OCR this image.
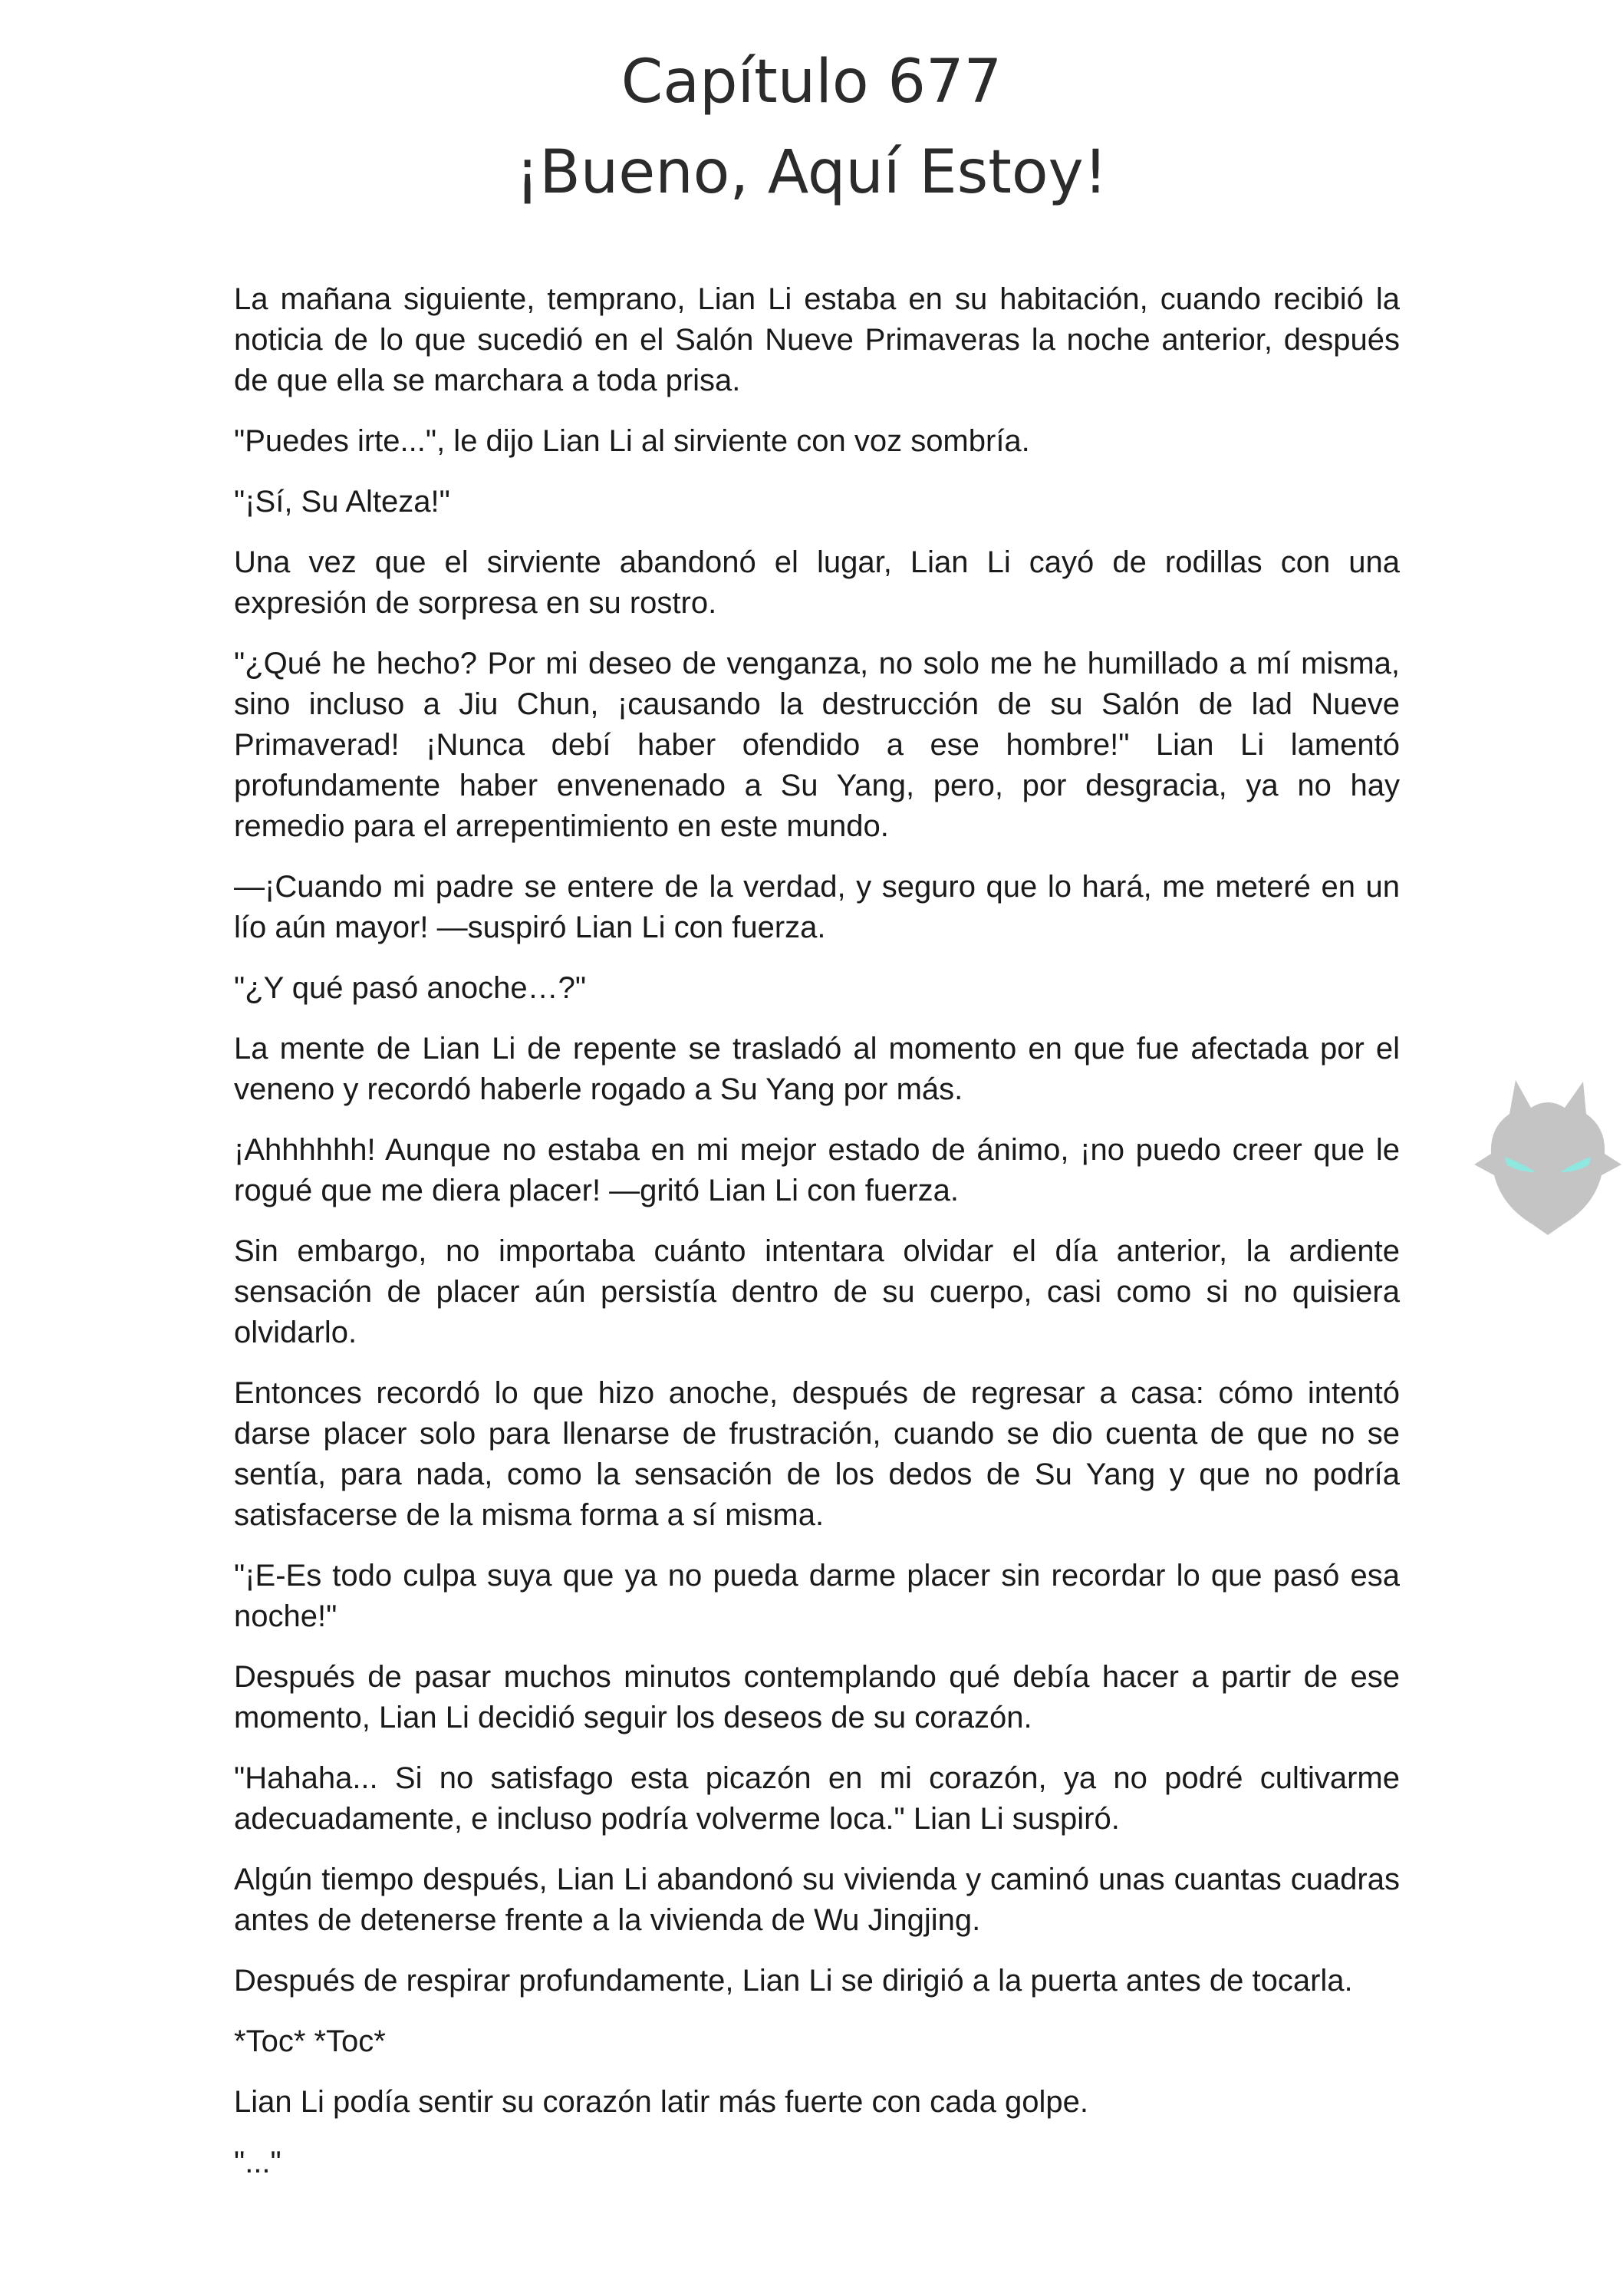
Capítulo 677
¡Bueno, Aquí Estoy!

La mañana siguiente, temprano, Lian Li estaba en su habitación, cuando recibió la noticia de lo que sucedió en el Salón Nueve Primaveras la noche anterior, después de que ella se marchara a toda prisa.

"Puedes irte...", le dijo Lian Li al sirviente con voz sombría.

"¡Sí, Su Alteza!"

Una vez que el sirviente abandonó el lugar, Lian Li cayó de rodillas con una expresión de sorpresa en su rostro.

"¿Qué he hecho? Por mi deseo de venganza, no solo me he humillado a mí misma, sino incluso a Jiu Chun, ¡causando la destrucción de su Salón de lad Nueve Primaverad! ¡Nunca debí haber ofendido a ese hombre!" Lian Li lamentó profundamente haber envenenado a Su Yang, pero, por desgracia, ya no hay remedio para el arrepentimiento en este mundo.

—¡Cuando mi padre se entere de la verdad, y seguro que lo hará, me meteré en un lío aún mayor! —suspiró Lian Li con fuerza.

"¿Y qué pasó anoche…?"

La mente de Lian Li de repente se trasladó al momento en que fue afectada por el veneno y recordó haberle rogado a Su Yang por más.

¡Ahhhhhh! Aunque no estaba en mi mejor estado de ánimo, ¡no puedo creer que le rogué que me diera placer! —gritó Lian Li con fuerza.

Sin embargo, no importaba cuánto intentara olvidar el día anterior, la ardiente sensación de placer aún persistía dentro de su cuerpo, casi como si no quisiera olvidarlo.

Entonces recordó lo que hizo anoche, después de regresar a casa: cómo intentó darse placer solo para llenarse de frustración, cuando se dio cuenta de que no se sentía, para nada, como la sensación de los dedos de Su Yang y que no podría satisfacerse de la misma forma a sí misma.

"¡E-Es todo culpa suya que ya no pueda darme placer sin recordar lo que pasó esa noche!"

Después de pasar muchos minutos contemplando qué debía hacer a partir de ese momento, Lian Li decidió seguir los deseos de su corazón.

"Hahaha... Si no satisfago esta picazón en mi corazón, ya no podré cultivarme adecuadamente, e incluso podría volverme loca." Lian Li suspiró.

Algún tiempo después, Lian Li abandonó su vivienda y caminó unas cuantas cuadras antes de detenerse frente a la vivienda de Wu Jingjing.

Después de respirar profundamente, Lian Li se dirigió a la puerta antes de tocarla.

*Toc* *Toc*

Lian Li podía sentir su corazón latir más fuerte con cada golpe.

"..."
